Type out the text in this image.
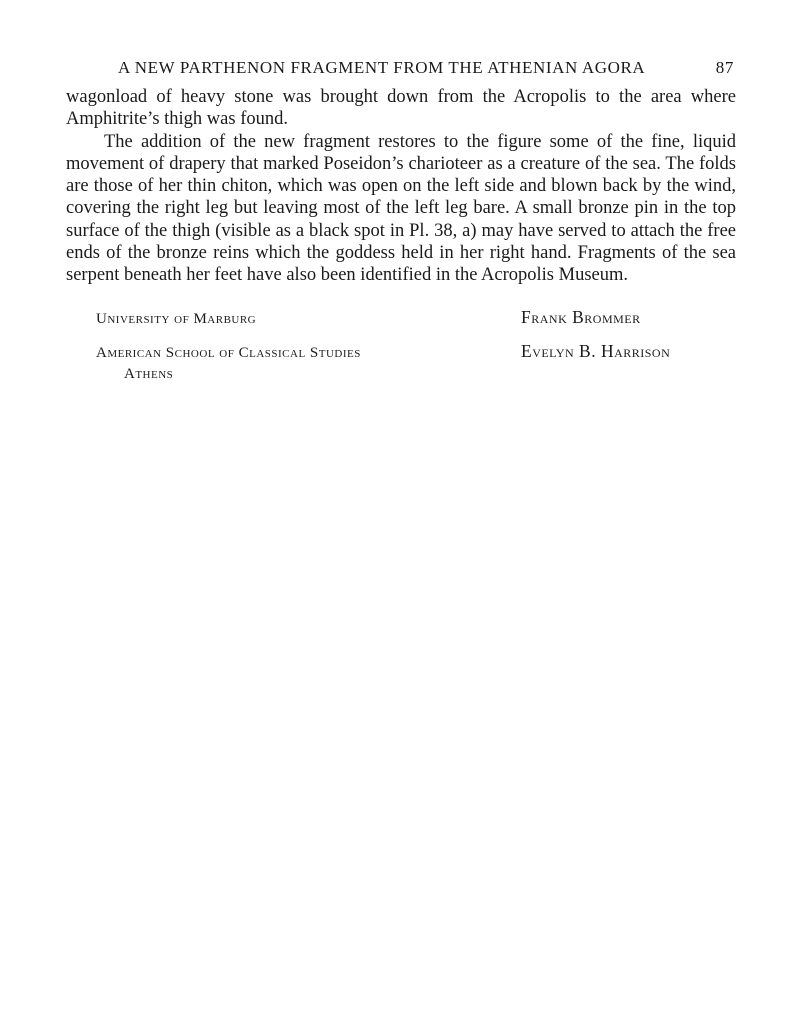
A NEW PARTHENON FRAGMENT FROM THE ATHENIAN AGORA	87

wagonload of heavy stone was brought down from the Acropolis to the area where Amphitrite’s thigh was found.

The addition of the new fragment restores to the figure some of the fine, liquid movement of drapery that marked Poseidon’s charioteer as a creature of the sea. The folds are those of her thin chiton, which was open on the left side and blown back by the wind, covering the right leg but leaving most of the left leg bare. A small bronze pin in the top surface of the thigh (visible as a black spot in Pl. 38, a) may have served to attach the free ends of the bronze reins which the goddess held in her right hand. Fragments of the sea serpent beneath her feet have also been identified in the Acropolis Museum.

University of Marburg	Frank Brommer
American School of Classical Studies
Athens
Evelyn B. Harrison
